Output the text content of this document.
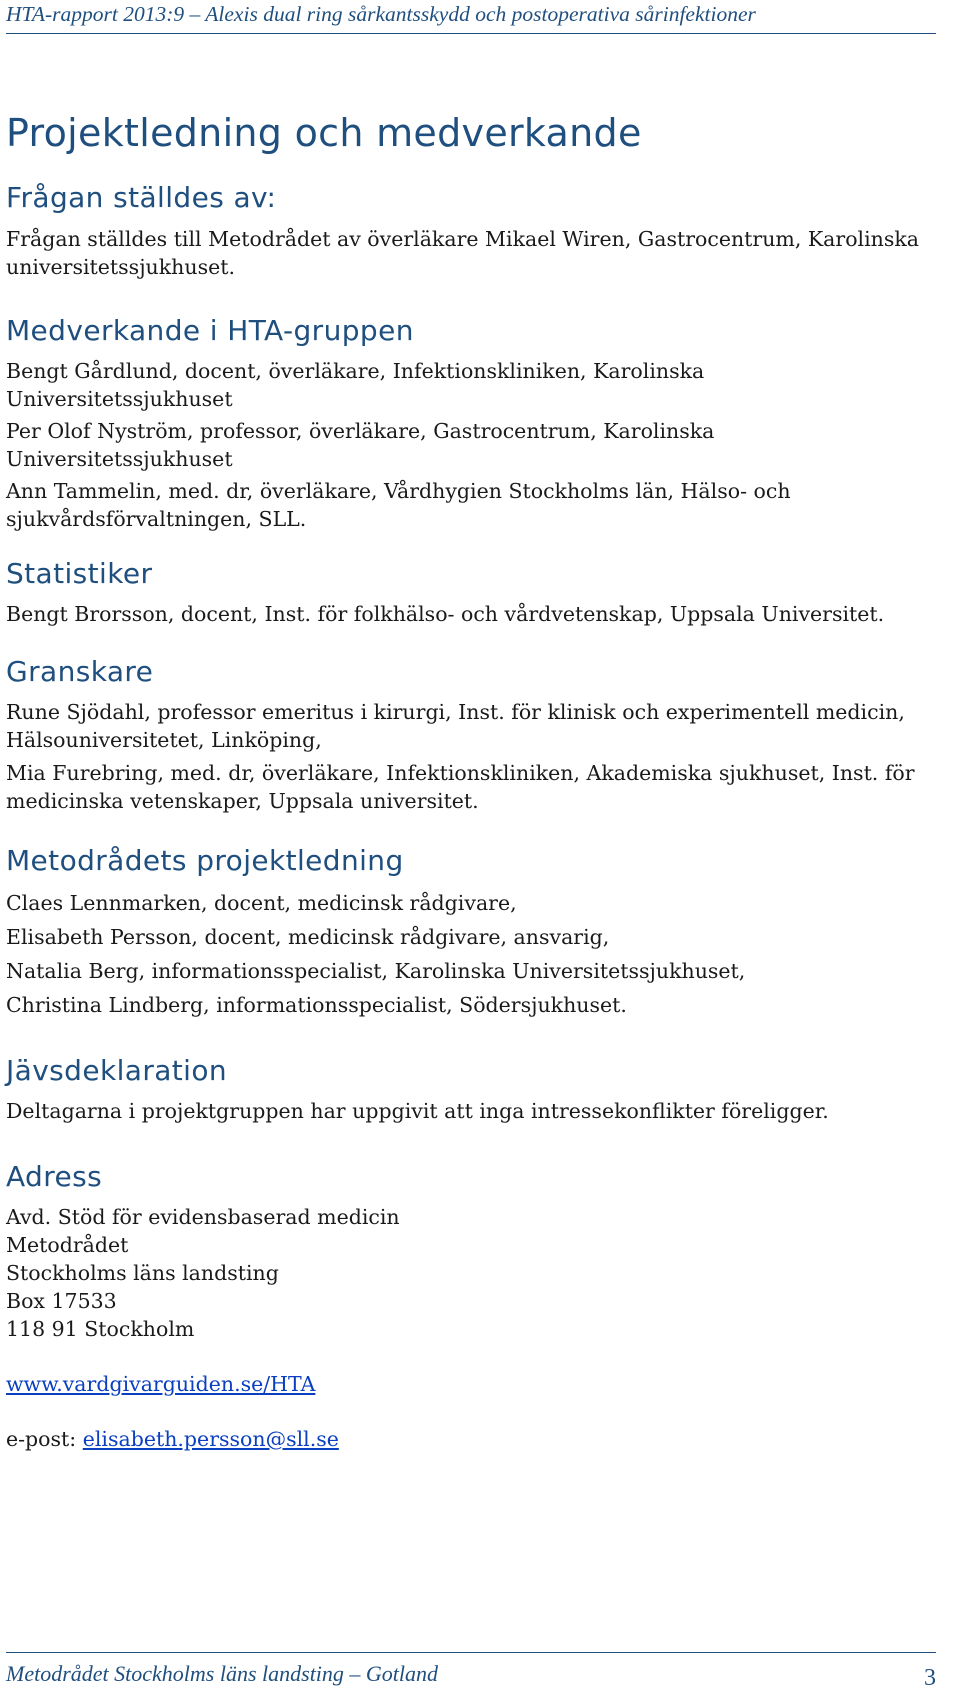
HTA-rapport 2013:9 – Alexis dual ring sårkantsskydd och postoperativa sårinfektioner
Projektledning och medverkande
Frågan ställdes av:

Frågan ställdes till Metodrådet av överläkare Mikael Wiren, Gastrocentrum, Karolinska universitetssjukhuset.

Medverkande i HTA-gruppen

Bengt Gårdlund, docent, överläkare, Infektionskliniken, Karolinska Universitetssjukhuset

Per Olof Nyström, professor, överläkare, Gastrocentrum, Karolinska Universitetssjukhuset

Ann Tammelin, med. dr, överläkare, Vårdhygien Stockholms län, Hälso- och sjukvårdsförvaltningen, SLL.

Statistiker

Bengt Brorsson, docent, Inst. för folkhälso- och vårdvetenskap, Uppsala Universitet.

Granskare

Rune Sjödahl, professor emeritus i kirurgi, Inst. för klinisk och experimentell medicin, Hälsouniversitetet, Linköping,

Mia Furebring, med. dr, överläkare, Infektionskliniken, Akademiska sjukhuset, Inst. för medicinska vetenskaper, Uppsala universitet.

Metodrådets projektledning

Claes Lennmarken, docent, medicinsk rådgivare,

Elisabeth Persson, docent, medicinsk rådgivare, ansvarig,

Natalia Berg, informationsspecialist, Karolinska Universitetssjukhuset,

Christina Lindberg, informationsspecialist, Södersjukhuset.

Jävsdeklaration

Deltagarna i projektgruppen har uppgivit att inga intressekonflikter föreligger.

Adress

Avd. Stöd för evidensbaserad medicin

Metodrådet

Stockholms läns landsting

Box 17533

118 91 Stockholm

www.vardgivarguiden.se/HTA

e-post: elisabeth.persson@sll.se

Metodrådet Stockholms läns landsting – Gotland	3
